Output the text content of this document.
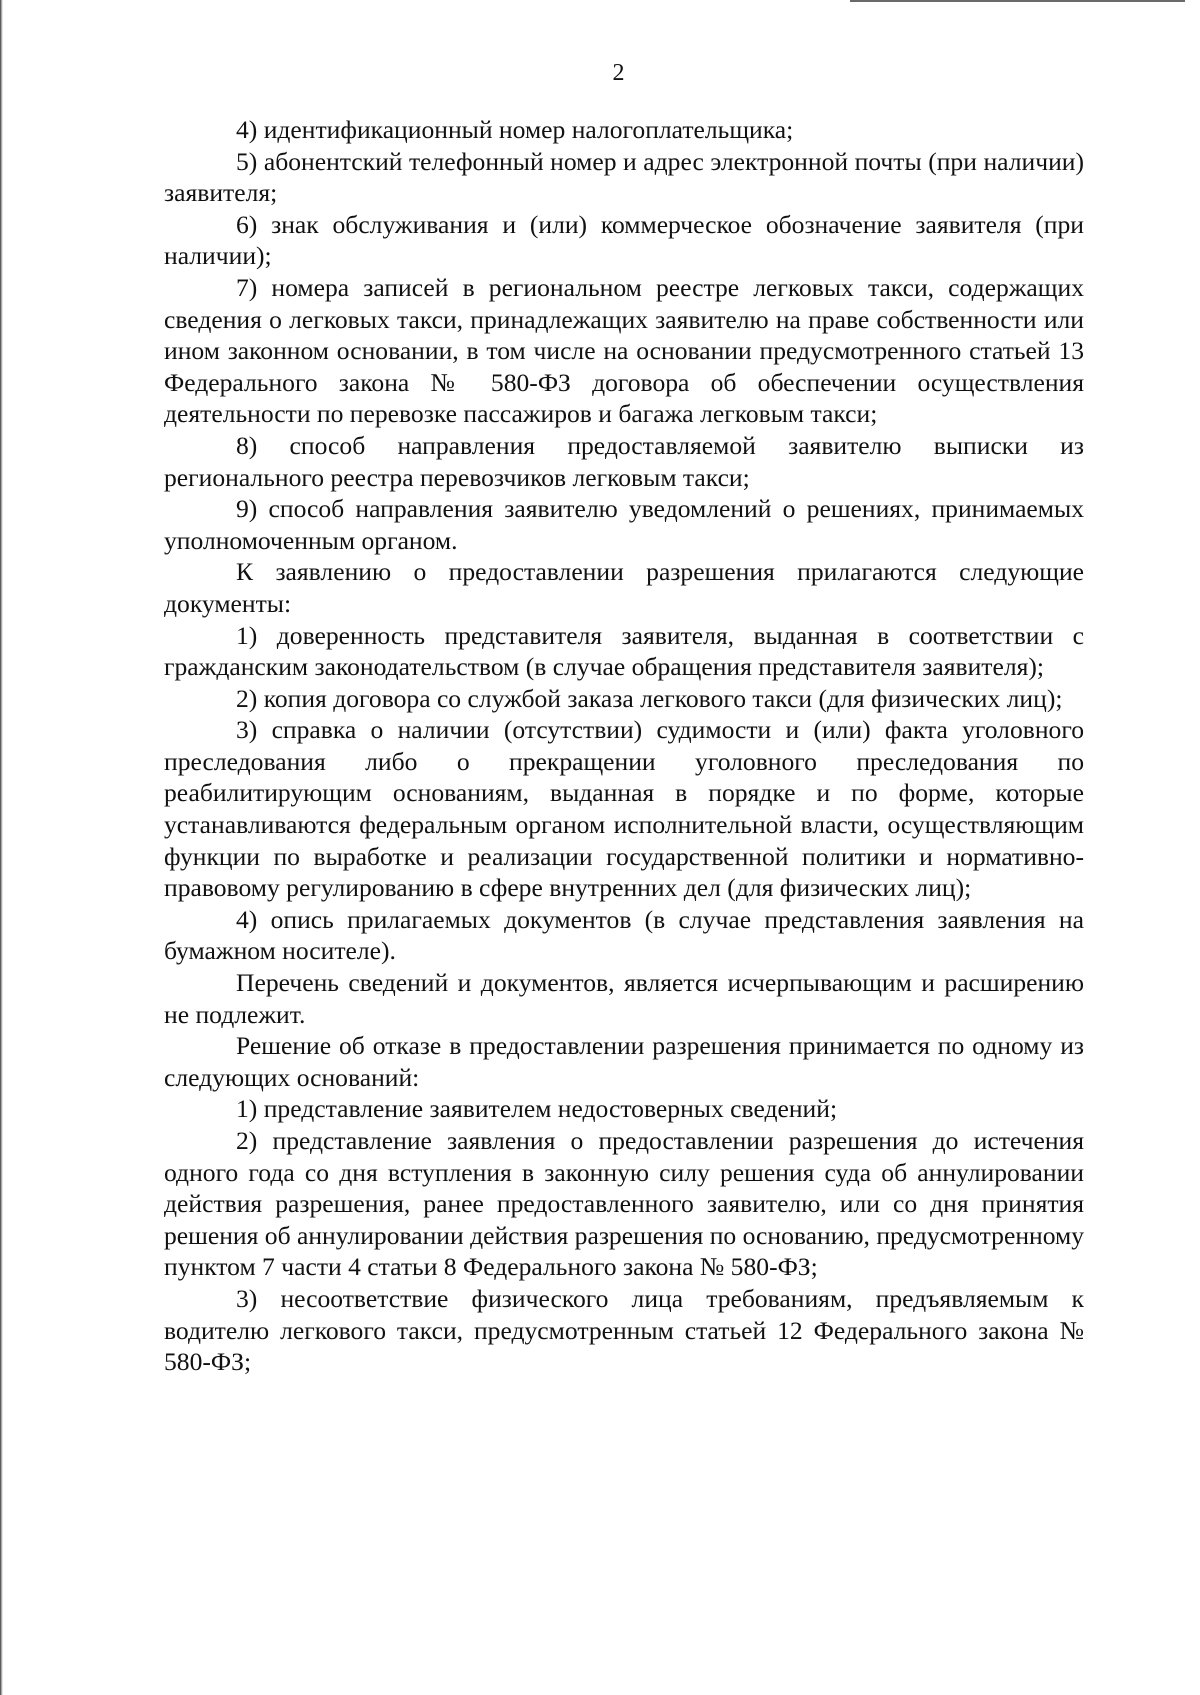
2

4) идентификационный номер налогоплательщика;

5) абонентский телефонный номер и адрес электронной почты (при наличии) заявителя;

6) знак обслуживания и (или) коммерческое обозначение заявителя (при наличии);

7) номера записей в региональном реестре легковых такси, содержащих сведения о легковых такси, принадлежащих заявителю на праве собственности или ином законном основании, в том числе на основании предусмотренного статьей 13 Федерального закона № 580-ФЗ договора об обеспечении осуществления деятельности по перевозке пассажиров и багажа легковым такси;

8) способ направления предоставляемой заявителю выписки из регионального реестра перевозчиков легковым такси;

9) способ направления заявителю уведомлений о решениях, принимаемых уполномоченным органом.

К заявлению о предоставлении разрешения прилагаются следующие документы:

1) доверенность представителя заявителя, выданная в соответствии с гражданским законодательством (в случае обращения представителя заявителя);

2) копия договора со службой заказа легкового такси (для физических лиц);

3) справка о наличии (отсутствии) судимости и (или) факта уголовного преследования либо о прекращении уголовного преследования по реабилитирующим основаниям, выданная в порядке и по форме, которые устанавливаются федеральным органом исполнительной власти, осуществляющим функции по выработке и реализации государственной политики и нормативно-правовому регулированию в сфере внутренних дел (для физических лиц);

4) опись прилагаемых документов (в случае представления заявления на бумажном носителе).

Перечень сведений и документов, является исчерпывающим и расширению не подлежит.

Решение об отказе в предоставлении разрешения принимается по одному из следующих оснований:

1) представление заявителем недостоверных сведений;

2) представление заявления о предоставлении разрешения до истечения одного года со дня вступления в законную силу решения суда об аннулировании действия разрешения, ранее предоставленного заявителю, или со дня принятия решения об аннулировании действия разрешения по основанию, предусмотренному пунктом 7 части 4 статьи 8 Федерального закона № 580-ФЗ;

3) несоответствие физического лица требованиям, предъявляемым к водителю легкового такси, предусмотренным статьей 12 Федерального закона № 580-ФЗ;
